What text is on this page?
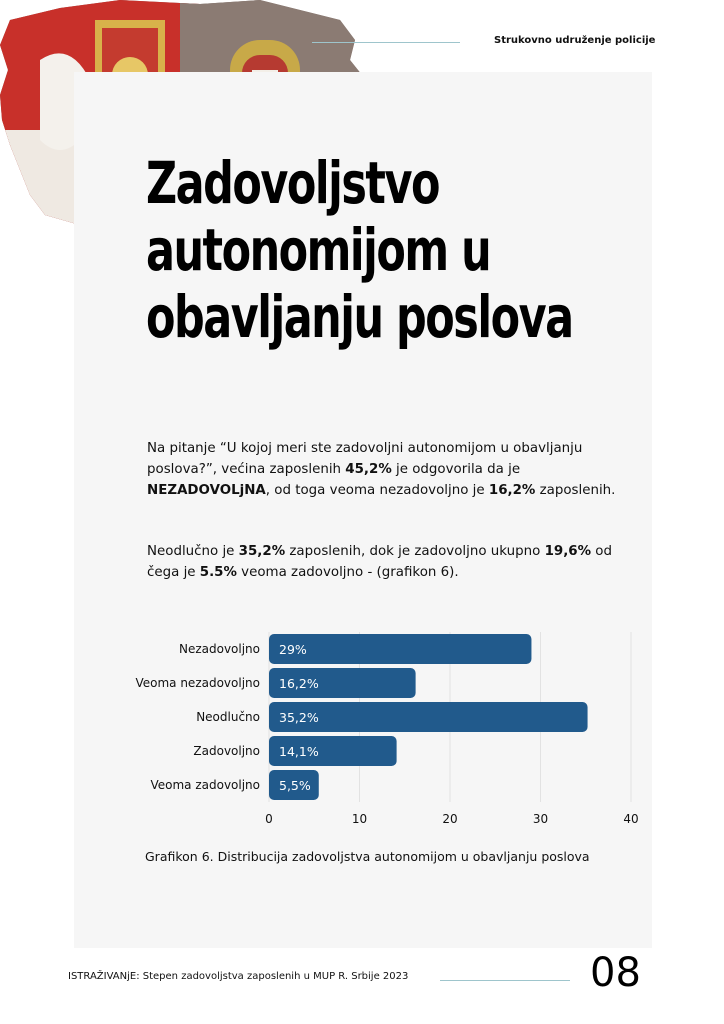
Strukovno udruženje policije
Zadovoljstvo
autonomijom u
obavljanju poslova
Na pitanje “U kojoj meri ste zadovoljni autonomijom u obavljanju poslova?”, većina zaposlenih 45,2% je odgovorila da je NEZADOVOLjNA, od toga veoma nezadovoljno je 16,2% zaposlenih.
Neodlučno je 35,2% zaposlenih, dok je zadovoljno ukupno 19,6% od čega je 5.5% veoma zadovoljno - (grafikon 6).
0	10	20	30	40
Nezadovoljno 29%
Veoma nezadovoljno 16,2%
Neodlučno 35,2%
Zadovoljno 14,1%
Veoma zadovoljno 5,5%
Grafikon 6. Distribucija zadovoljstva autonomijom u obavljanju poslova
ISTRAŽIVANjE: Stepen zadovoljstva zaposlenih u MUP R. Srbije 2023	08
